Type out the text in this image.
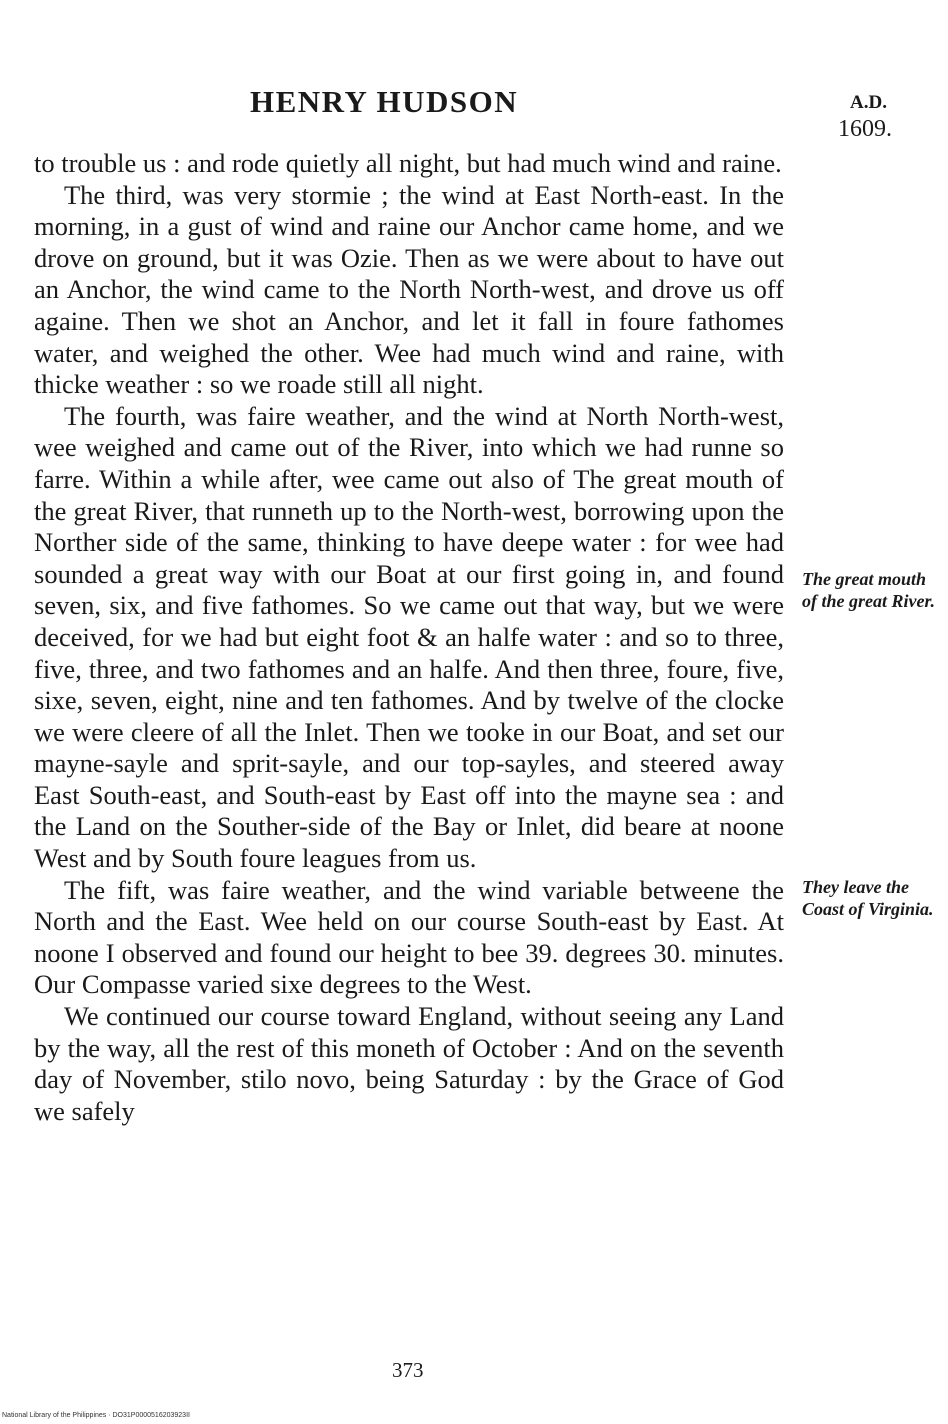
HENRY HUDSON	A.D.
1609.

to trouble us : and rode quietly all night, but had much wind and raine.

The third, was very stormie ; the wind at East North-east. In the morning, in a gust of wind and raine our Anchor came home, and we drove on ground, but it was Ozie. Then as we were about to have out an Anchor, the wind came to the North North-west, and drove us off againe. Then we shot an Anchor, and let it fall in foure fathomes water, and weighed the other. Wee had much wind and raine, with thicke weather : so we roade still all night.

The fourth, was faire weather, and the wind at North North-west, wee weighed and came out of the River, into which we had runne so farre. Within a while after, wee came out also of The great mouth of the great River, that runneth up to the North-west, borrowing upon the Norther side of the same, thinking to have deepe water : for wee had sounded a great way with our Boat at our first going in, and found seven, six, and five fathomes. So we came out that way, but we were deceived, for we had but eight foot & an halfe water : and so to three, five, three, and two fathomes and an halfe. And then three, foure, five, sixe, seven, eight, nine and ten fathomes. And by twelve of the clocke we were cleere of all the Inlet. Then we tooke in our Boat, and set our mayne-sayle and sprit-sayle, and our top-sayles, and steered away East South-east, and South-east by East off into the mayne sea : and the Land on the Souther-side of the Bay or Inlet, did beare at noone West and by South foure leagues from us.

The fift, was faire weather, and the wind variable betweene the North and the East. Wee held on our course South-east by East. At noone I observed and found our height to bee 39. degrees 30. minutes. Our Compasse varied sixe degrees to the West.

We continued our course toward England, without seeing any Land by the way, all the rest of this moneth of October : And on the seventh day of November, stilo novo, being Saturday : by the Grace of God we safely

The great mouth of the great River.
They leave the Coast of Virginia.
373
National Library of the Philippines · DO31P0000516203923II
